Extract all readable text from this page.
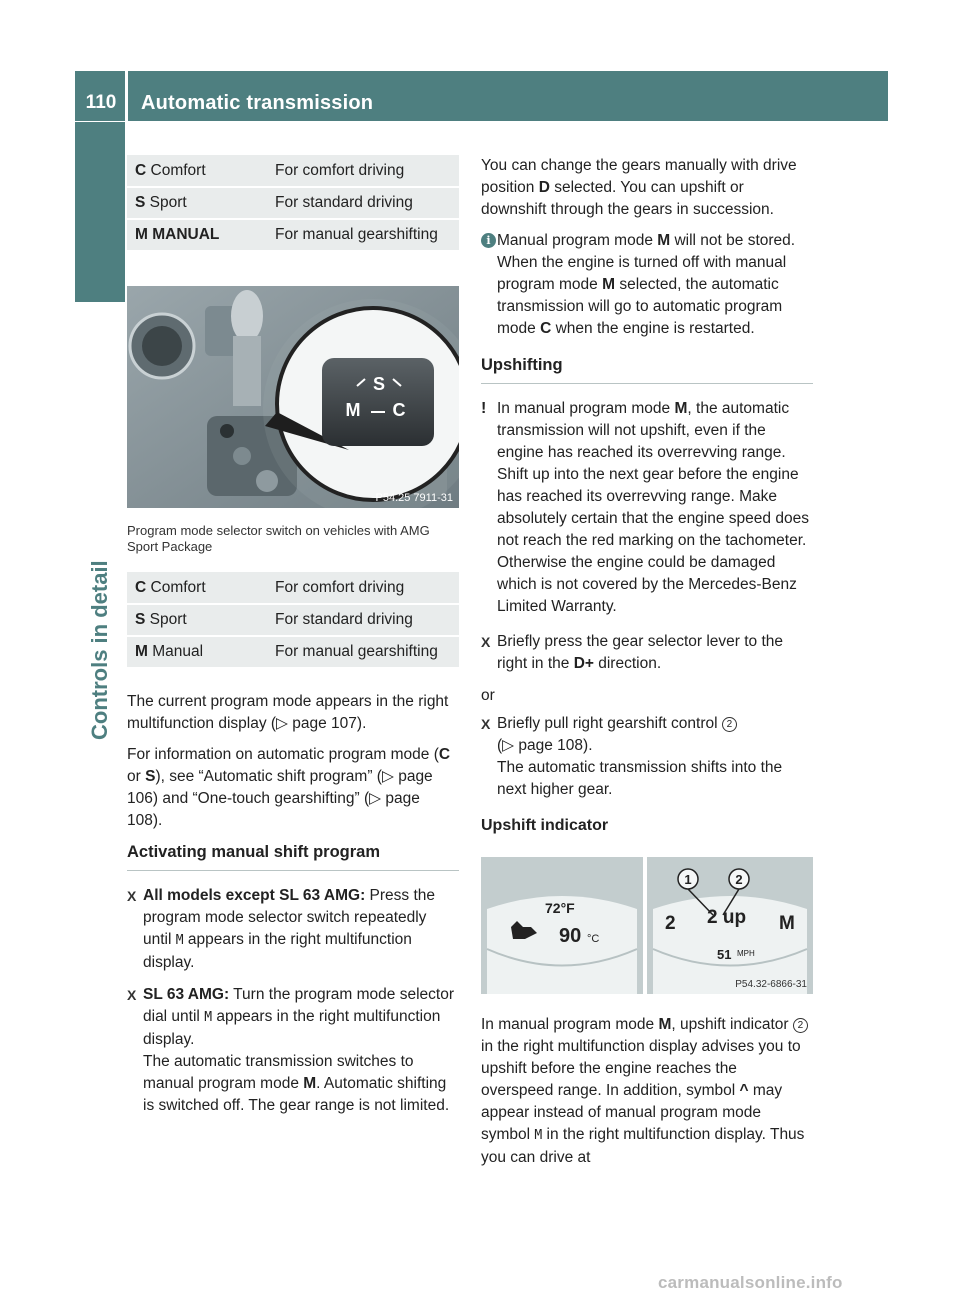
110	Automatic transmission
Controls in detail
C Comfort	For comfort driving
S Sport	For standard driving
M MANUAL	For manual gearshifting
S
M C
P54.25 7911-31
Program mode selector switch on vehicles with AMG Sport Package
C Comfort	For comfort driving
S Sport	For standard driving
M Manual	For manual gearshifting

The current program mode appears in the right multifunction display (▷ page 107).

For information on automatic program mode (C or S), see “Automatic shift program” (▷ page 106) and “One-touch gearshifting” (▷ page 108).

Activating manual shift program
X All models except SL 63 AMG: Press the program mode selector switch repeatedly until M appears in the right multifunction display.
X SL 63 AMG: Turn the program mode selector dial until M appears in the right multifunction display.
The automatic transmission switches to manual program mode M. Automatic shifting is switched off. The gear range is not limited.

You can change the gears manually with drive position D selected. You can upshift or downshift through the gears in succession.

i Manual program mode M will not be stored. When the engine is turned off with manual program mode M selected, the automatic transmission will go to automatic program mode C when the engine is restarted.
Upshifting
! In manual program mode M, the automatic transmission will not upshift, even if the engine has reached its overrevving range. Shift up into the next gear before the engine has reached its overrevving range. Make absolutely certain that the engine speed does not reach the red marking on the tachometer. Otherwise the engine could be damaged which is not covered by the Mercedes-Benz Limited Warranty.
X Briefly press the gear selector lever to the right in the D+ direction.

or

X Briefly pull right gearshift control 2
(▷ page 108).
The automatic transmission shifts into the next higher gear.
Upshift indicator
72°F
90 °C
1	2
2 2 up M
51 MPH
P54.32-6866-31

In manual program mode M, upshift indicator 2 in the right multifunction display advises you to upshift before the engine reaches the overspeed range. In addition, symbol ^ may appear instead of manual program mode symbol M in the right multifunction display. Thus you can drive at

carmanualsonline.info
